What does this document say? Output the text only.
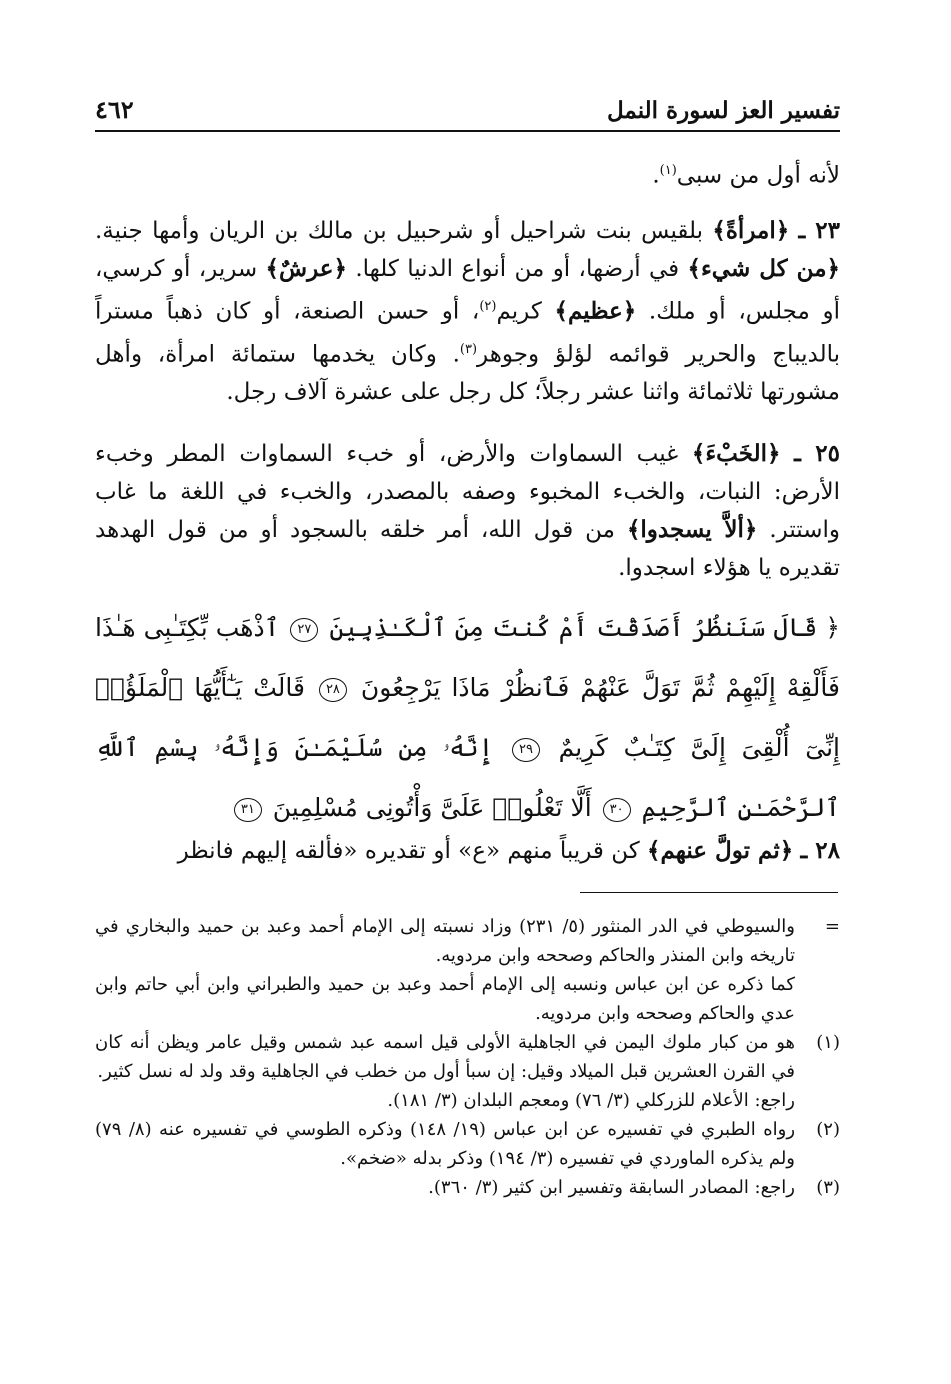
٤٦٢	تفسير العز لسورة النمل
لأنه أول من سبى$^{(١)}$.
٢٣ ـ ﴿امرأةً﴾ بلقيس بنت شراحيل أو شرحبيل بن مالك بن الريان وأمها جنية. ﴿من كل شيء﴾ في أرضها، أو من أنواع الدنيا كلها. ﴿عرشٌ﴾ سرير، أو كرسي، أو مجلس، أو ملك. ﴿عظيم﴾ كريم$^{(٢)}$، أو حسن الصنعة، أو كان ذهباً مستراً بالديباج والحرير قوائمه لؤلؤ وجوهر$^{(٣)}$. وكان يخدمها ستمائة امرأة، وأهل مشورتها ثلاثمائة واثنا عشر رجلاً؛ كل رجل على عشرة آلاف رجل.
٢٥ ـ ﴿الخَبْءَ﴾ غيب السماوات والأرض، أو خبء السماوات المطر وخبء الأرض: النبات، والخبء المخبوء وصفه بالمصدر، والخبء في اللغة ما غاب واستتر. ﴿ألاَّ يسجدوا﴾ من قول الله، أمر خلقه بالسجود أو من قول الهدهد تقديره يا هؤلاء اسجدوا.
﴿ قَالَ سَنَنظُرُ أَصَدَقْتَ أَمْ كُنتَ مِنَ ٱلْكَـٰذِبِينَ ٢٧ ٱذْهَب بِّكِتَـٰبِى هَـٰذَا فَأَلْقِهْ إِلَيْهِمْ ثُمَّ تَوَلَّ عَنْهُمْ فَٱنظُرْ مَاذَا يَرْجِعُونَ ٢٨ قَالَتْ يَـٰٓأَيُّهَا ٱلْمَلَؤُا۟ إِنِّىٓ أُلْقِىَ إِلَىَّ كِتَـٰبٌ كَرِيمٌ ٢٩ إِنَّهُۥ مِن سُلَيْمَـٰنَ وَإِنَّهُۥ بِسْمِ ٱللَّهِ ٱلرَّحْمَـٰنِ ٱلرَّحِيمِ ٣٠ أَلَّا تَعْلُوا۟ عَلَىَّ وَأْتُونِى مُسْلِمِينَ ٣١
٢٨ ـ ﴿ثم تولَّ عنهم﴾ كن قريباً منهم «ع» أو تقديره «فألقه إليهم فانظر
=
والسيوطي في الدر المنثور (٥/ ٢٣١) وزاد نسبته إلى الإمام أحمد وعبد بن حميد والبخاري في تاريخه وابن المنذر والحاكم وصححه وابن مردويه.
كما ذكره عن ابن عباس ونسبه إلى الإمام أحمد وعبد بن حميد والطبراني وابن أبي حاتم وابن عدي والحاكم وصححه وابن مردويه.
(١)
هو من كبار ملوك اليمن في الجاهلية الأولى قيل اسمه عبد شمس وقيل عامر ويظن أنه كان في القرن العشرين قبل الميلاد وقيل: إن سبأ أول من خطب في الجاهلية وقد ولد له نسل كثير.
راجع: الأعلام للزركلي (٣/ ٧٦) ومعجم البلدان (٣/ ١٨١).
(٢)
رواه الطبري في تفسيره عن ابن عباس (١٩/ ١٤٨) وذكره الطوسي في تفسيره عنه (٨/ ٧٩) ولم يذكره الماوردي في تفسيره (٣/ ١٩٤) وذكر بدله «ضخم».
(٣)
راجع: المصادر السابقة وتفسير ابن كثير (٣/ ٣٦٠).
